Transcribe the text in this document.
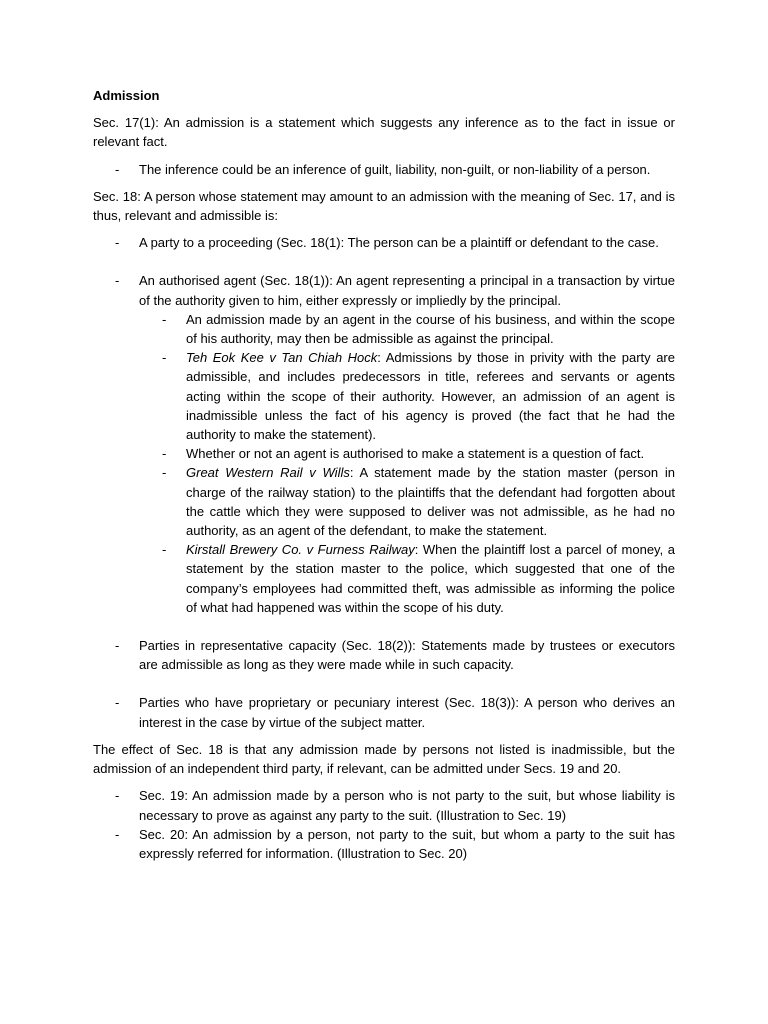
Admission

Sec. 17(1): An admission is a statement which suggests any inference as to the fact in issue or relevant fact.

- The inference could be an inference of guilt, liability, non-guilt, or non-liability of a person.

Sec. 18: A person whose statement may amount to an admission with the meaning of Sec. 17, and is thus, relevant and admissible is:

- A party to a proceeding (Sec. 18(1): The person can be a plaintiff or defendant to the case.
- An authorised agent (Sec. 18(1)): An agent representing a principal in a transaction by virtue of the authority given to him, either expressly or impliedly by the principal.
- An admission made by an agent in the course of his business, and within the scope of his authority, may then be admissible as against the principal.
- Teh Eok Kee v Tan Chiah Hock: Admissions by those in privity with the party are admissible, and includes predecessors in title, referees and servants or agents acting within the scope of their authority. However, an admission of an agent is inadmissible unless the fact of his agency is proved (the fact that he had the authority to make the statement).
- Whether or not an agent is authorised to make a statement is a question of fact.
- Great Western Rail v Wills: A statement made by the station master (person in charge of the railway station) to the plaintiffs that the defendant had forgotten about the cattle which they were supposed to deliver was not admissible, as he had no authority, as an agent of the defendant, to make the statement.
- Kirstall Brewery Co. v Furness Railway: When the plaintiff lost a parcel of money, a statement by the station master to the police, which suggested that one of the company’s employees had committed theft, was admissible as informing the police of what had happened was within the scope of his duty.
- Parties in representative capacity (Sec. 18(2)): Statements made by trustees or executors are admissible as long as they were made while in such capacity.
- Parties who have proprietary or pecuniary interest (Sec. 18(3)): A person who derives an interest in the case by virtue of the subject matter.

The effect of Sec. 18 is that any admission made by persons not listed is inadmissible, but the admission of an independent third party, if relevant, can be admitted under Secs. 19 and 20.

- Sec. 19: An admission made by a person who is not party to the suit, but whose liability is necessary to prove as against any party to the suit. (Illustration to Sec. 19)
- Sec. 20: An admission by a person, not party to the suit, but whom a party to the suit has expressly referred for information. (Illustration to Sec. 20)
